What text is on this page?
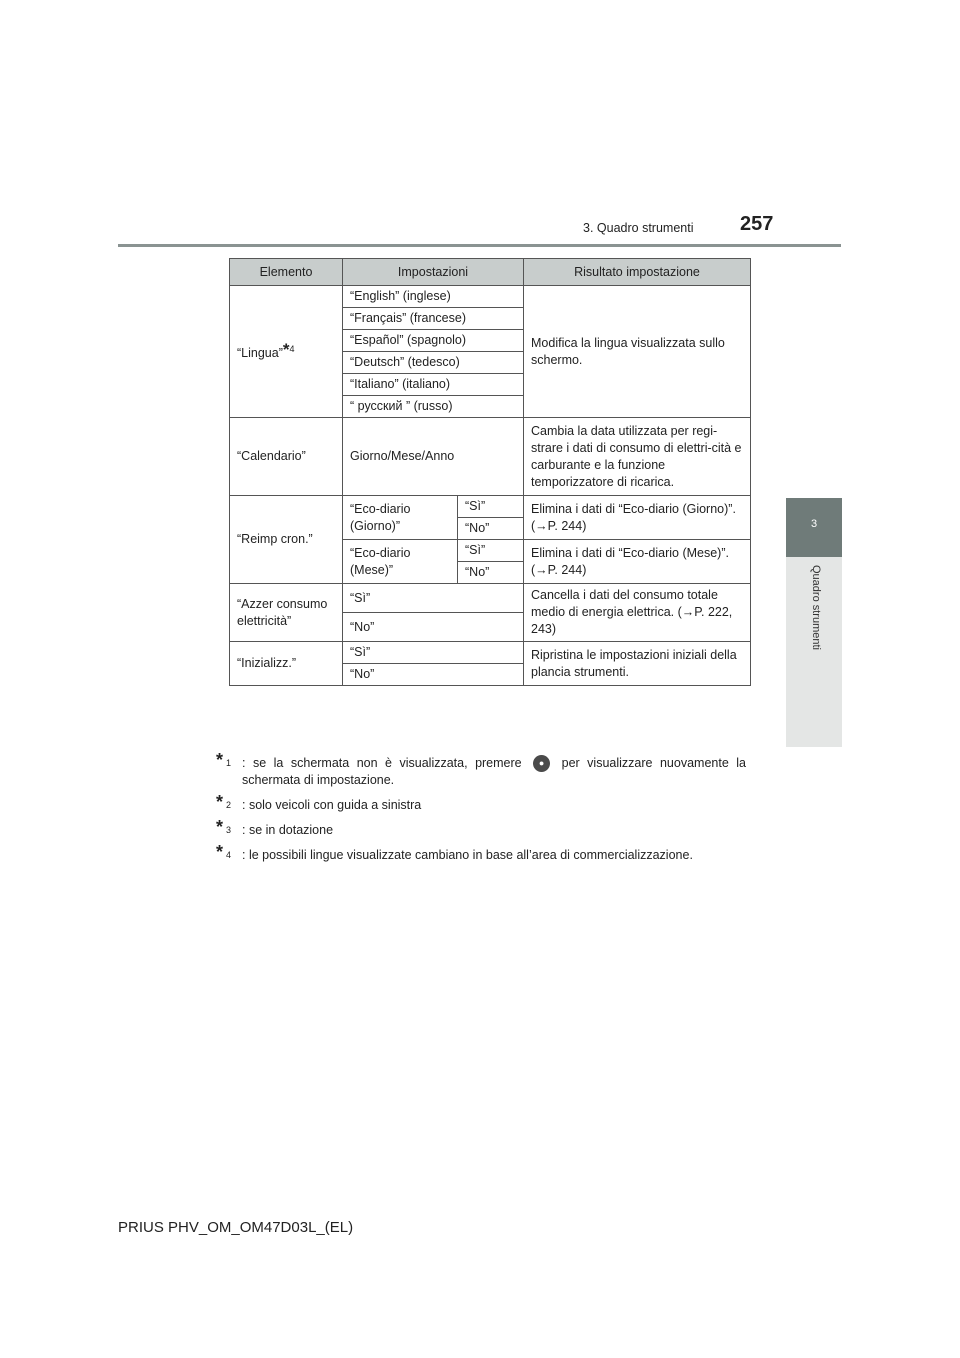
3. Quadro strumenti 257
3
Quadro strumenti
Elemento	Impostazioni		Risultato impostazione
“Lingua”*$^4$	“English” (inglese)		Modifica la lingua visualizzata sullo schermo.
	“Français” (francese)		
	“Español” (spagnolo)		
	“Deutsch” (tedesco)		
	“Italiano” (italiano)		
	“ русский ” (russo)		
“Calendario”	Giorno/Mese/Anno		Cambia la data utilizzata per regi-strare i dati di consumo di elettri-cità e carburante e la funzione temporizzatore di ricarica.
“Reimp cron.”	“Eco-diario (Giorno)”	“Sì”	Elimina i dati di “Eco-diario (Giorno)”. (→P. 244)
		“No”	
	“Eco-diario (Mese)”	“Sì”	Elimina i dati di “Eco-diario (Mese)”. (→P. 244)
		“No”	
“Azzer consumo elettricità”	“Sì”		Cancella i dati del consumo totale medio di energia elettrica. (→P. 222, 243)
	“No”		
“Inizializz.”	“Sì”		Ripristina le impostazioni iniziali della plancia strumenti.
	“No”		
* 1 : se la schermata non è visualizzata, premere ● per visualizzare nuovamente la schermata di impostazione.
* 2 : solo veicoli con guida a sinistra
* 3 : se in dotazione
* 4 : le possibili lingue visualizzate cambiano in base all’area di commercializzazione.
PRIUS PHV_OM_OM47D03L_(EL)
